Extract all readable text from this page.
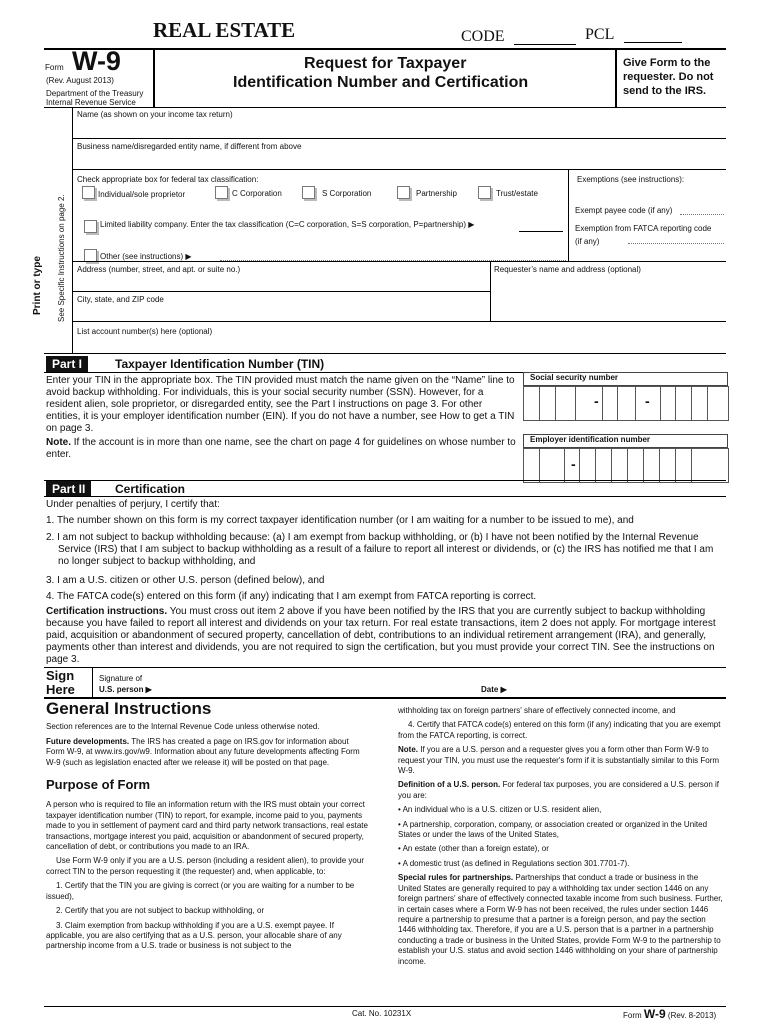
REAL ESTATE	CODE	PCL
Form W-9
(Rev. August 2013)
Department of the Treasury
Internal Revenue Service
Request for Taxpayer
Identification Number and Certification
Give Form to the requester. Do not send to the IRS.
Print or type See Specific Instructions on page 2.
Name (as shown on your income tax return)
Business name/disregarded entity name, if different from above
Check appropriate box for federal tax classification:
Individual/sole proprietor	C Corporation	S Corporation	Partnership	Trust/estate
Limited liability company. Enter the tax classification (C=C corporation, S=S corporation, P=partnership) ▶
Other (see instructions) ▶
Exemptions (see instructions):
Exempt payee code (if any)
Exemption from FATCA reporting code (if any)
Address (number, street, and apt. or suite no.)	Requester’s name and address (optional)
City, state, and ZIP code
List account number(s) here (optional)
Part I	Taxpayer Identification Number (TIN)
Enter your TIN in the appropriate box. The TIN provided must match the name given on the “Name” line to avoid backup withholding. For individuals, this is your social security number (SSN). However, for a resident alien, sole proprietor, or disregarded entity, see the Part I instructions on page 3. For other entities, it is your employer identification number (EIN). If you do not have a number, see How to get a TIN on page 3.
Note. If the account is in more than one name, see the chart on page 4 for guidelines on whose number to enter.
Social security number
-	-
Employer identification number
-
Part II	Certification
Under penalties of perjury, I certify that:
1. The number shown on this form is my correct taxpayer identification number (or I am waiting for a number to be issued to me), and
2. I am not subject to backup withholding because: (a) I am exempt from backup withholding, or (b) I have not been notified by the Internal Revenue Service (IRS) that I am subject to backup withholding as a result of a failure to report all interest or dividends, or (c) the IRS has notified me that I am no longer subject to backup withholding, and
3. I am a U.S. citizen or other U.S. person (defined below), and
4. The FATCA code(s) entered on this form (if any) indicating that I am exempt from FATCA reporting is correct.
Certification instructions. You must cross out item 2 above if you have been notified by the IRS that you are currently subject to backup withholding because you have failed to report all interest and dividends on your tax return. For real estate transactions, item 2 does not apply. For mortgage interest paid, acquisition or abandonment of secured property, cancellation of debt, contributions to an individual retirement arrangement (IRA), and generally, payments other than interest and dividends, you are not required to sign the certification, but you must provide your correct TIN. See the instructions on page 3.
Sign
Here
Signature of
U.S. person ▶	Date ▶
General Instructions

Section references are to the Internal Revenue Code unless otherwise noted.

Future developments. The IRS has created a page on IRS.gov for information about Form W-9, at www.irs.gov/w9. Information about any future developments affecting Form W-9 (such as legislation enacted after we release it) will be posted on that page.

Purpose of Form

A person who is required to file an information return with the IRS must obtain your correct taxpayer identification number (TIN) to report, for example, income paid to you, payments made to you in settlement of payment card and third party network transactions, real estate transactions, mortgage interest you paid, acquisition or abandonment of secured property, cancellation of debt, or contributions you made to an IRA.

Use Form W-9 only if you are a U.S. person (including a resident alien), to provide your correct TIN to the person requesting it (the requester) and, when applicable, to:

1. Certify that the TIN you are giving is correct (or you are waiting for a number to be issued),

2. Certify that you are not subject to backup withholding, or

3. Claim exemption from backup withholding if you are a U.S. exempt payee. If applicable, you are also certifying that as a U.S. person, your allocable share of any partnership income from a U.S. trade or business is not subject to the

withholding tax on foreign partners' share of effectively connected income, and

4. Certify that FATCA code(s) entered on this form (if any) indicating that you are exempt from the FATCA reporting, is correct.

Note. If you are a U.S. person and a requester gives you a form other than Form W-9 to request your TIN, you must use the requester's form if it is substantially similar to this Form W-9.

Definition of a U.S. person. For federal tax purposes, you are considered a U.S. person if you are:

• An individual who is a U.S. citizen or U.S. resident alien,

• A partnership, corporation, company, or association created or organized in the United States or under the laws of the United States,

• An estate (other than a foreign estate), or

• A domestic trust (as defined in Regulations section 301.7701-7).

Special rules for partnerships. Partnerships that conduct a trade or business in the United States are generally required to pay a withholding tax under section 1446 on any foreign partners' share of effectively connected taxable income from such business. Further, in certain cases where a Form W-9 has not been received, the rules under section 1446 require a partnership to presume that a partner is a foreign person, and pay the section 1446 withholding tax. Therefore, if you are a U.S. person that is a partner in a partnership conducting a trade or business in the United States, provide Form W-9 to the partnership to establish your U.S. status and avoid section 1446 withholding on your share of partnership income.

Cat. No. 10231X	Form W-9 (Rev. 8-2013)
